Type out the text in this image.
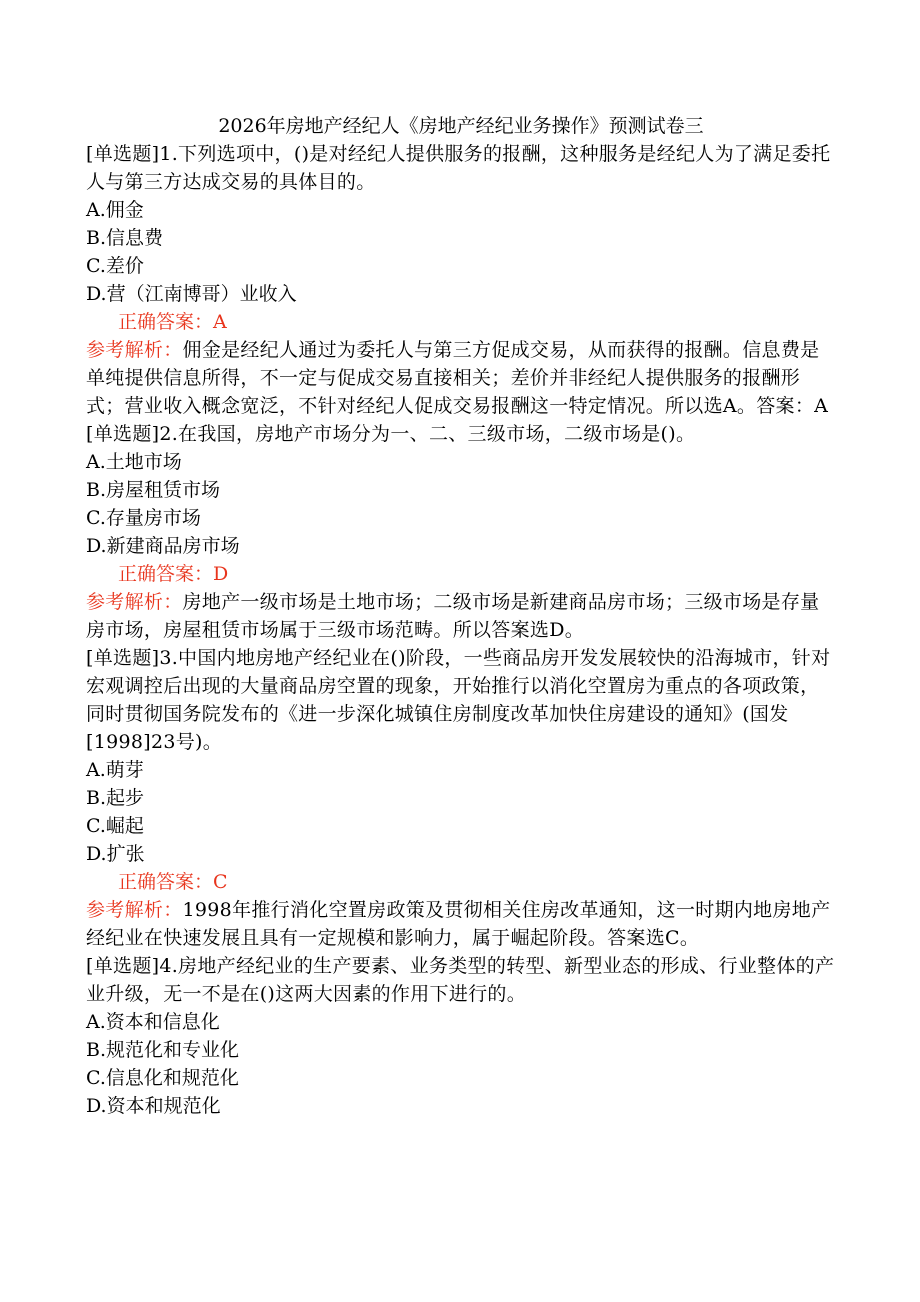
2026年房地产经纪人《房地产经纪业务操作》预测试卷三

[单选题]1.下列选项中，()是对经纪人提供服务的报酬，这种服务是经纪人为了满足委托人与第三方达成交易的具体目的。

A.佣金

B.信息费

C.差价

D.营（江南博哥）业收入

正确答案：A

参考解析：佣金是经纪人通过为委托人与第三方促成交易，从而获得的报酬。信息费是单纯提供信息所得，不一定与促成交易直接相关；差价并非经纪人提供服务的报酬形式；营业收入概念宽泛，不针对经纪人促成交易报酬这一特定情况。所以选A。答案：A

[单选题]2.在我国，房地产市场分为一、二、三级市场，二级市场是()。

A.土地市场

B.房屋租赁市场

C.存量房市场

D.新建商品房市场

正确答案：D

参考解析：房地产一级市场是土地市场；二级市场是新建商品房市场；三级市场是存量房市场，房屋租赁市场属于三级市场范畴。所以答案选D。

[单选题]3.中国内地房地产经纪业在()阶段，一些商品房开发发展较快的沿海城市，针对宏观调控后出现的大量商品房空置的现象，开始推行以消化空置房为重点的各项政策，同时贯彻国务院发布的《进一步深化城镇住房制度改革加快住房建设的通知》(国发[1998]23号)。

A.萌芽

B.起步

C.崛起

D.扩张

正确答案：C

参考解析：1998年推行消化空置房政策及贯彻相关住房改革通知，这一时期内地房地产经纪业在快速发展且具有一定规模和影响力，属于崛起阶段。答案选C。

[单选题]4.房地产经纪业的生产要素、业务类型的转型、新型业态的形成、行业整体的产业升级，无一不是在()这两大因素的作用下进行的。

A.资本和信息化

B.规范化和专业化

C.信息化和规范化

D.资本和规范化
